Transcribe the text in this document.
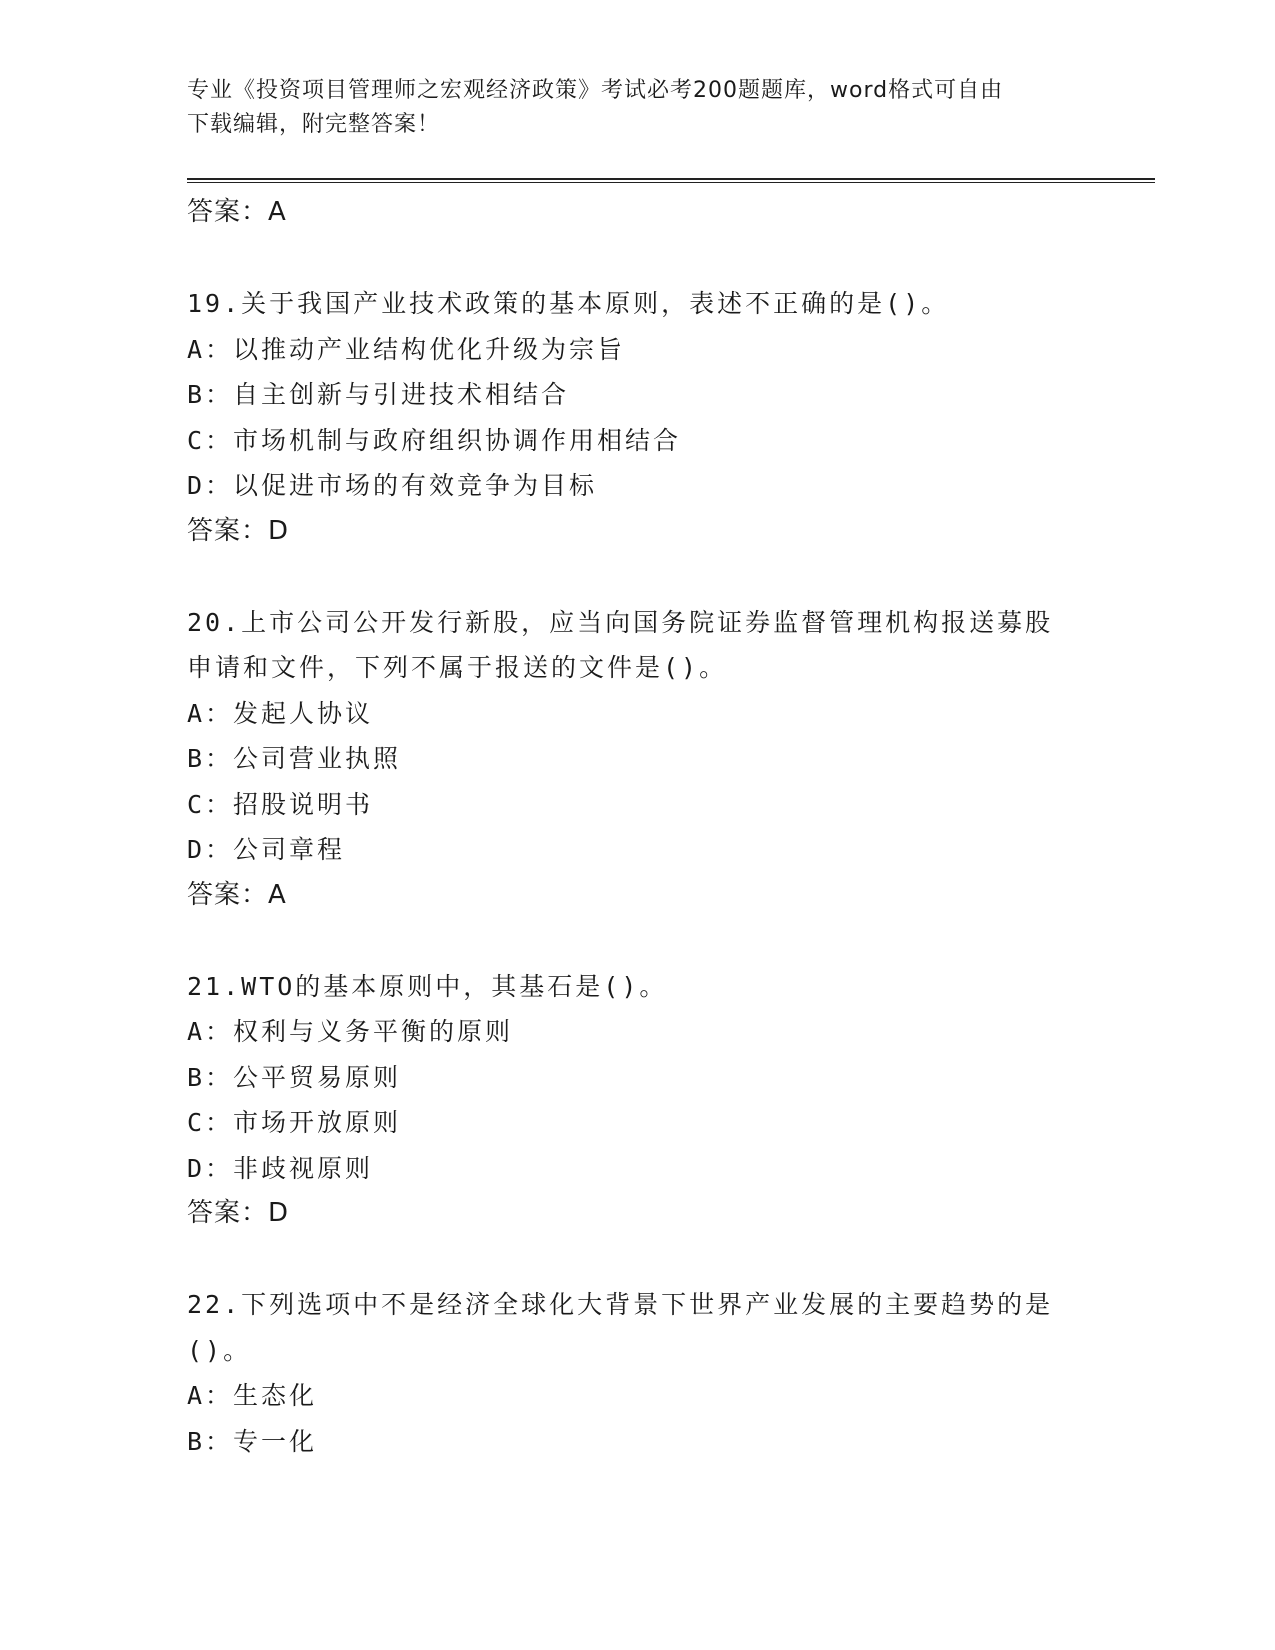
专业《投资项目管理师之宏观经济政策》考试必考200题题库，word格式可自由
下载编辑，附完整答案！
答案：A
19.关于我国产业技术政策的基本原则，表述不正确的是()。
A：以推动产业结构优化升级为宗旨
B：自主创新与引进技术相结合
C：市场机制与政府组织协调作用相结合
D：以促进市场的有效竞争为目标
答案：D
20.上市公司公开发行新股，应当向国务院证券监督管理机构报送募股
申请和文件，下列不属于报送的文件是()。
A：发起人协议
B：公司营业执照
C：招股说明书
D：公司章程
答案：A
21.WTO的基本原则中，其基石是()。
A：权利与义务平衡的原则
B：公平贸易原则
C：市场开放原则
D：非歧视原则
答案：D
22.下列选项中不是经济全球化大背景下世界产业发展的主要趋势的是
()。
A：生态化
B：专一化
